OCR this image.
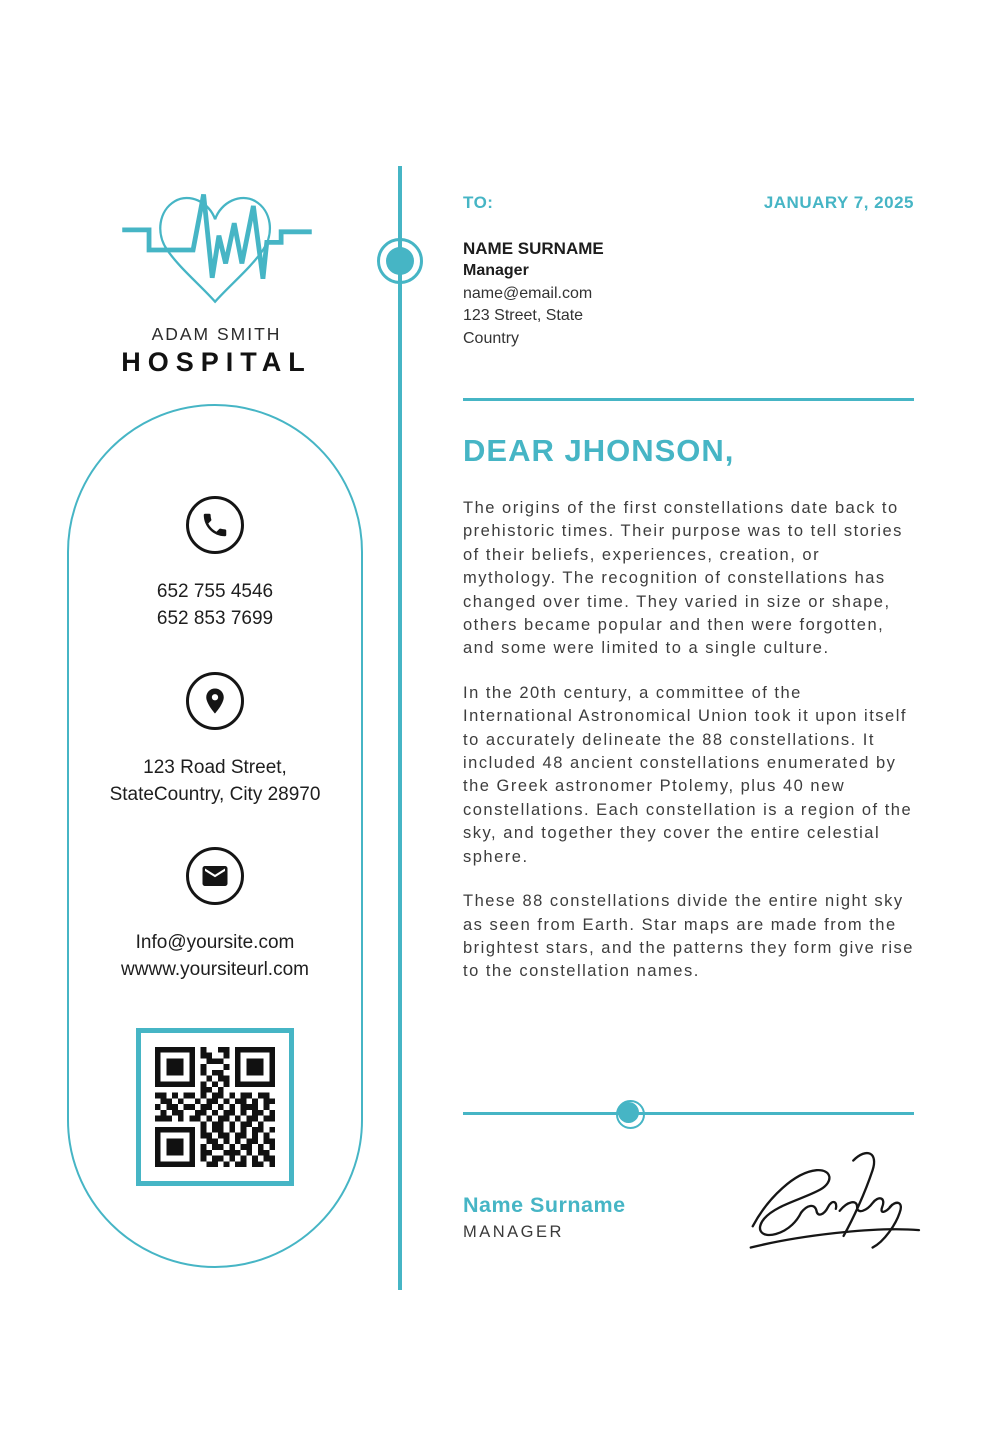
ADAM SMITH
HOSPITAL
652 755 4546
652 853 7699
123 Road Street,
StateCountry, City 28970
Info@yoursite.com
wwww.yoursiteurl.com
TO:	JANUARY 7, 2025
NAME SURNAME
Manager
name@email.com
123 Street, State
Country
DEAR JHONSON,

The origins of the first constellations date back to prehistoric times. Their purpose was to tell stories of their beliefs, experiences, creation, or mythology. The recognition of constellations has changed over time. They varied in size or shape, others became popular and then were forgotten, and some were limited to a single culture.

In the 20th century, a committee of the International Astronomical Union took it upon itself to accurately delineate the 88 constellations. It included 48 ancient constellations enumerated by the Greek astronomer Ptolemy, plus 40 new constellations. Each constellation is a region of the sky, and together they cover the entire celestial sphere.

These 88 constellations divide the entire night sky as seen from Earth. Star maps are made from the brightest stars, and the patterns they form give rise to the constellation names.

Name Surname
MANAGER
